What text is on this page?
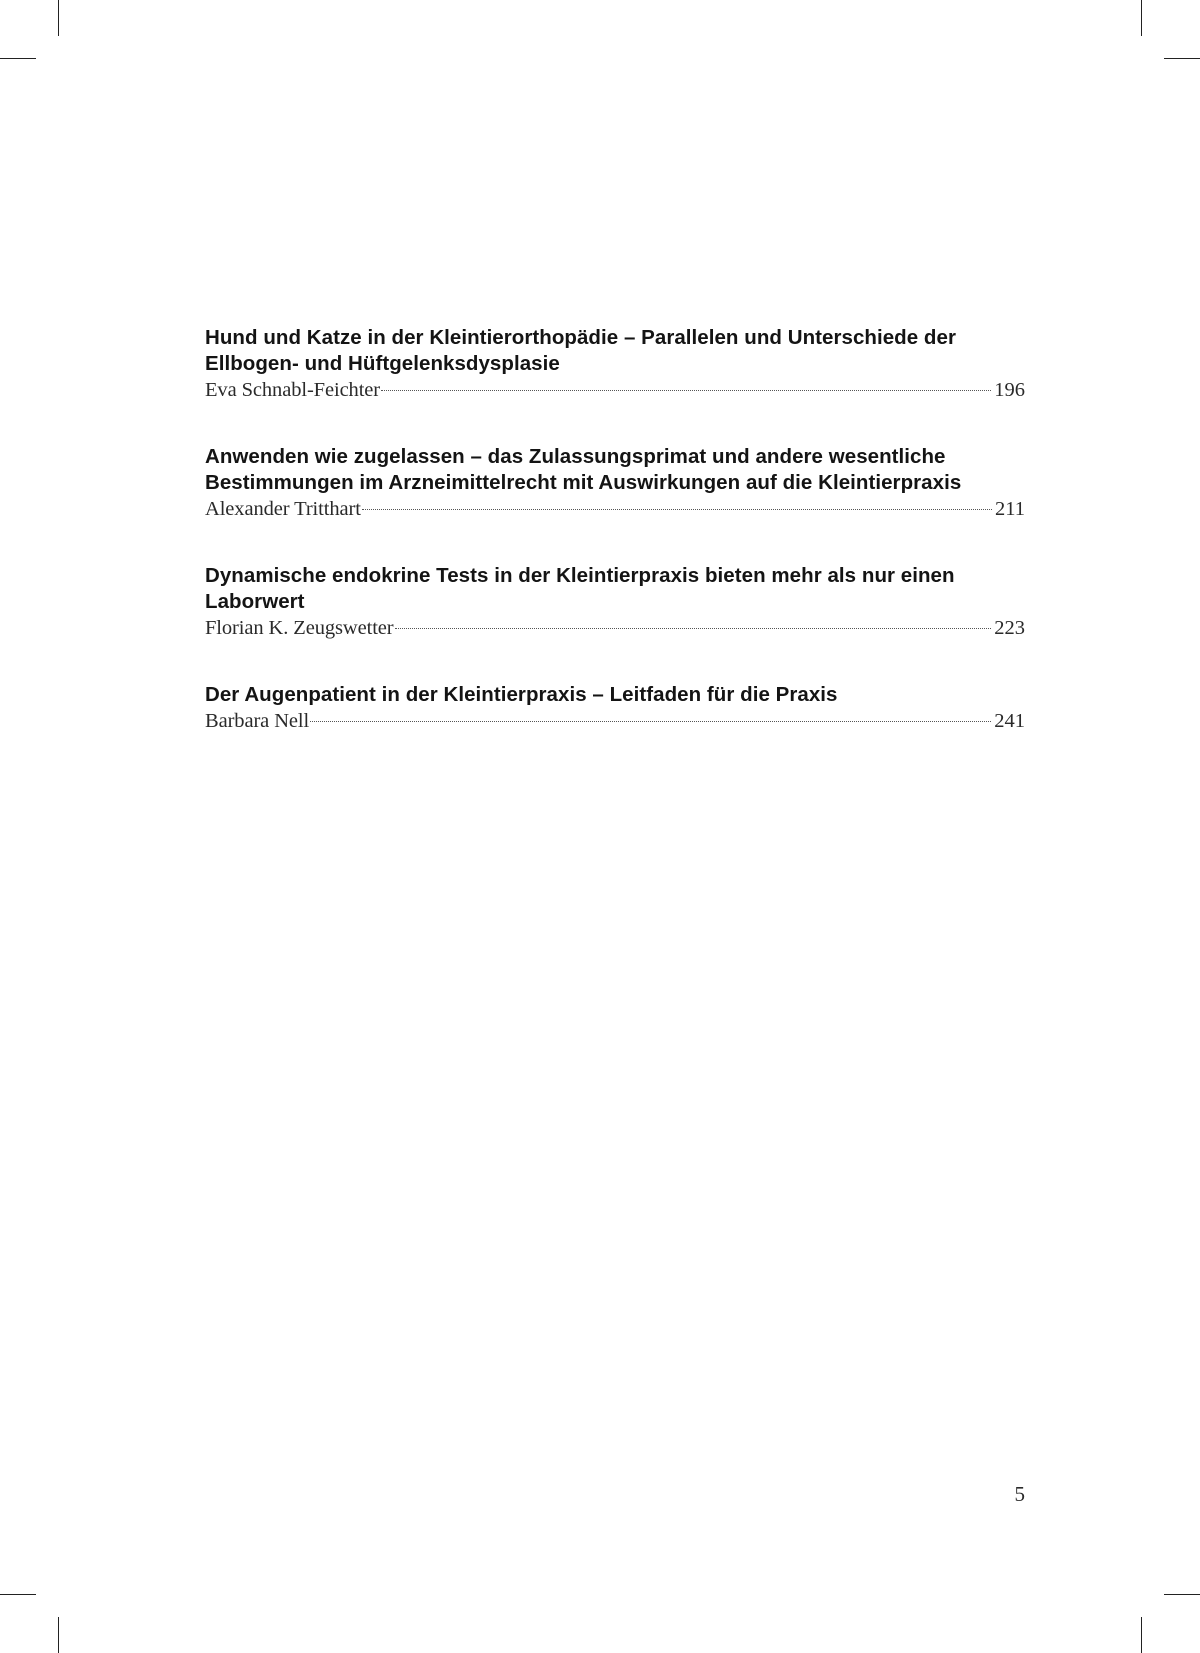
Hund und Katze in der Kleintierorthopädie – Parallelen und Unterschiede der
Ellbogen- und Hüftgelenksdysplasie
Eva Schnabl-Feichter	196
Anwenden wie zugelassen – das Zulassungsprimat und andere wesentliche
Bestimmungen im Arzneimittelrecht mit Auswirkungen auf die Kleintierpraxis
Alexander Tritthart	211
Dynamische endokrine Tests in der Kleintierpraxis bieten mehr als nur einen
Laborwert
Florian K. Zeugswetter	223
Der Augenpatient in der Kleintierpraxis – Leitfaden für die Praxis
Barbara Nell	241
5
